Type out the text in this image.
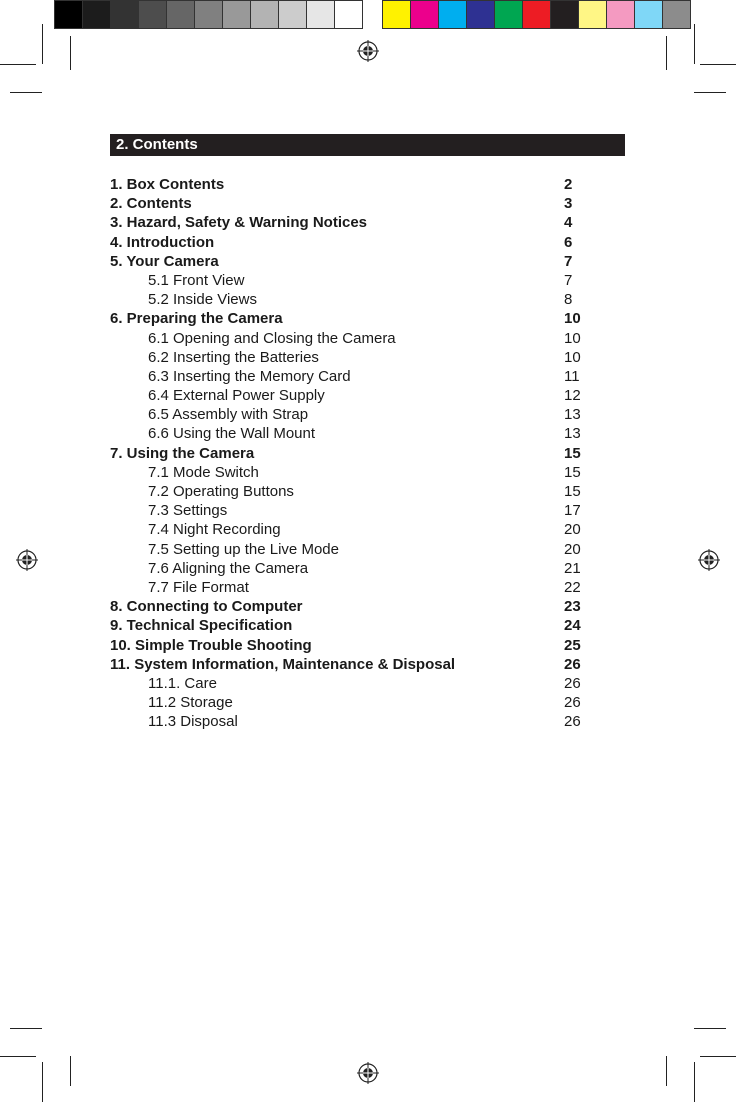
2. Contents
1. Box Contents	2
2. Contents	3
3. Hazard, Safety & Warning Notices	4
4. Introduction	6
5. Your Camera	7
5.1 Front View	7
5.2 Inside Views	8
6. Preparing the Camera	10
6.1 Opening and Closing the Camera	10
6.2 Inserting the Batteries	10
6.3 Inserting the Memory Card	11
6.4 External Power Supply	12
6.5 Assembly with Strap	13
6.6 Using the Wall Mount	13
7. Using the Camera	15
7.1 Mode Switch	15
7.2 Operating Buttons	15
7.3 Settings	17
7.4 Night Recording	20
7.5 Setting up the Live Mode	20
7.6 Aligning the Camera	21
7.7 File Format	22
8. Connecting to Computer	23
9. Technical Specification	24
10. Simple Trouble Shooting	25
11. System Information, Maintenance & Disposal	26
11.1. Care	26
11.2 Storage	26
11.3 Disposal	26
